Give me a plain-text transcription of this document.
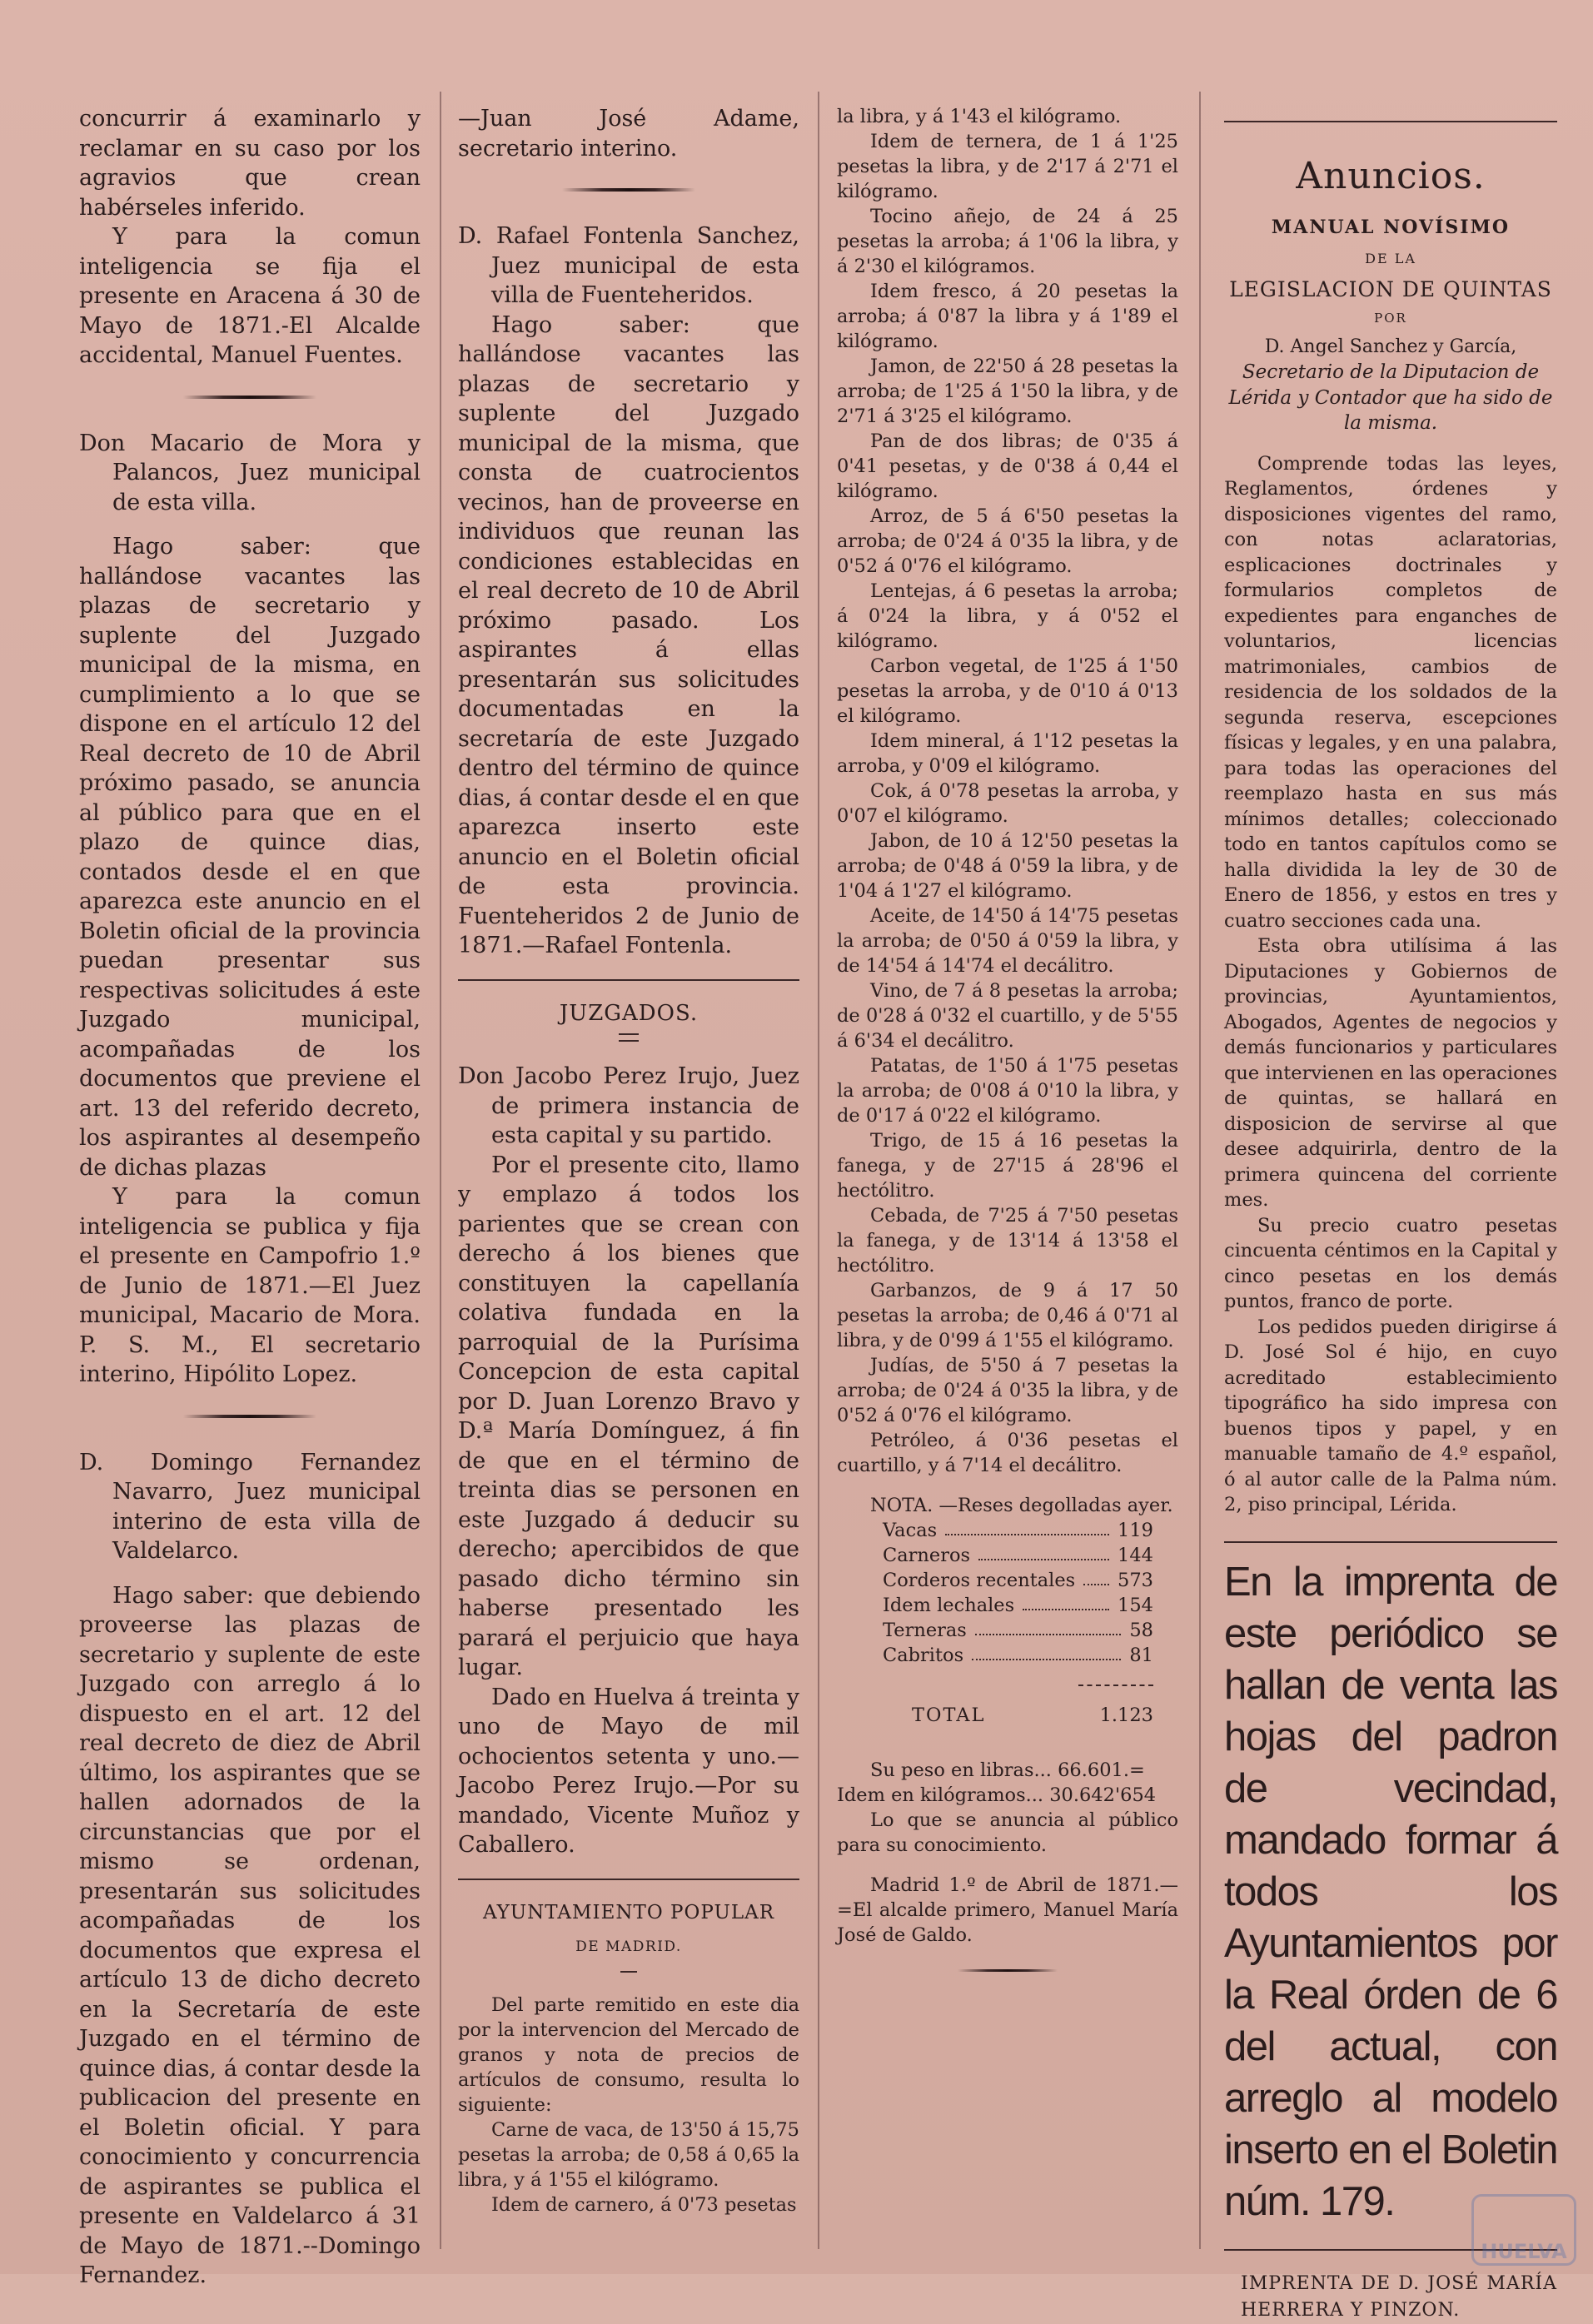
concurrir á examinarlo y reclamar en su caso por los agravios que crean habérseles inferido.

Y para la comun inteligencia se fija el presente en Aracena á 30 de Mayo de 1871.-El Alcalde accidental, Manuel Fuentes.

Don Macario de Mora y Palancos, Juez municipal de esta villa.

Hago saber: que hallándose vacantes las plazas de secretario y suplente del Juzgado municipal de la misma, en cumplimiento a lo que se dispone en el artículo 12 del Real decreto de 10 de Abril próximo pasado, se anuncia al público para que en el plazo de quince dias, contados desde el en que aparezca este anuncio en el Boletin oficial de la provincia puedan presentar sus respectivas solicitudes á este Juzgado municipal, acompañadas de los documentos que previene el art. 13 del referido decreto, los aspirantes al desempeño de dichas plazas

Y para la comun inteligencia se publica y fija el presente en Campofrio 1.º de Junio de 1871.—El Juez municipal, Macario de Mora. P. S. M., El secretario interino, Hipólito Lopez.

D. Domingo Fernandez Navarro, Juez municipal interino de esta villa de Valdelarco.

Hago saber: que debiendo proveerse las plazas de secretario y suplente de este Juzgado con arreglo á lo dispuesto en el art. 12 del real decreto de diez de Abril último, los aspirantes que se hallen adornados de la circunstancias que por el mismo se ordenan, presentarán sus solicitudes acompañadas de los documentos que expresa el artículo 13 de dicho decreto en la Secretaría de este Juzgado en el término de quince dias, á contar desde la publicacion del presente en el Boletin oficial. Y para conocimiento y concurrencia de aspirantes se publica el presente en Valdelarco á 31 de Mayo de 1871.--Domingo Fernandez.

—Juan José Adame, secretario interino.

D. Rafael Fontenla Sanchez, Juez municipal de esta villa de Fuenteheridos.

Hago saber: que hallándose vacantes las plazas de secretario y suplente del Juzgado municipal de la misma, que consta de cuatrocientos vecinos, han de proveerse en individuos que reunan las condiciones establecidas en el real decreto de 10 de Abril próximo pasado. Los aspirantes á ellas presentarán sus solicitudes documentadas en la secretaría de este Juzgado dentro del término de quince dias, á contar desde el en que aparezca inserto este anuncio en el Boletin oficial de esta provincia. Fuenteheridos 2 de Junio de 1871.—Rafael Fontenla.

JUZGADOS.

Don Jacobo Perez Irujo, Juez de primera instancia de esta capital y su partido.

Por el presente cito, llamo y emplazo á todos los parientes que se crean con derecho á los bienes que constituyen la capellanía colativa fundada en la parroquial de la Purísima Concepcion de esta capital por D. Juan Lorenzo Bravo y D.ª María Domínguez, á fin de que en el término de treinta dias se personen en este Juzgado á deducir su derecho; apercibidos de que pasado dicho término sin haberse presentado les parará el perjuicio que haya lugar.

Dado en Huelva á treinta y uno de Mayo de mil ochocientos setenta y uno.—Jacobo Perez Irujo.—Por su mandado, Vicente Muñoz y Caballero.

AYUNTAMIENTO POPULAR

DE MADRID.

Del parte remitido en este dia por la intervencion del Mercado de granos y nota de precios de artículos de consumo, resulta lo siguiente:

Carne de vaca, de 13'50 á 15,75 pesetas la arroba; de 0,58 á 0,65 la libra, y á 1'55 el kilógramo.

Idem de carnero, á 0'73 pesetas

la libra, y á 1'43 el kilógramo.

Idem de ternera, de 1 á 1'25 pesetas la libra, y de 2'17 á 2'71 el kilógramo.

Tocino añejo, de 24 á 25 pesetas la arroba; á 1'06 la libra, y á 2'30 el kilógramos.

Idem fresco, á 20 pesetas la arroba; á 0'87 la libra y á 1'89 el kilógramo.

Jamon, de 22'50 á 28 pesetas la arroba; de 1'25 á 1'50 la libra, y de 2'71 á 3'25 el kilógramo.

Pan de dos libras; de 0'35 á 0'41 pesetas, y de 0'38 á 0,44 el kilógramo.

Arroz, de 5 á 6'50 pesetas la arroba; de 0'24 á 0'35 la libra, y de 0'52 á 0'76 el kilógramo.

Lentejas, á 6 pesetas la arroba; á 0'24 la libra, y á 0'52 el kilógramo.

Carbon vegetal, de 1'25 á 1'50 pesetas la arroba, y de 0'10 á 0'13 el kilógramo.

Idem mineral, á 1'12 pesetas la arroba, y 0'09 el kilógramo.

Cok, á 0'78 pesetas la arroba, y 0'07 el kilógramo.

Jabon, de 10 á 12'50 pesetas la arroba; de 0'48 á 0'59 la libra, y de 1'04 á 1'27 el kilógramo.

Aceite, de 14'50 á 14'75 pesetas la arroba; de 0'50 á 0'59 la libra, y de 14'54 á 14'74 el decálitro.

Vino, de 7 á 8 pesetas la arroba; de 0'28 á 0'32 el cuartillo, y de 5'55 á 6'34 el decálitro.

Patatas, de 1'50 á 1'75 pesetas la arroba; de 0'08 á 0'10 la libra, y de 0'17 á 0'22 el kilógramo.

Trigo, de 15 á 16 pesetas la fanega, y de 27'15 á 28'96 el hectólitro.

Cebada, de 7'25 á 7'50 pesetas la fanega, y de 13'14 á 13'58 el hectólitro.

Garbanzos, de 9 á 17 50 pesetas la arroba; de 0,46 á 0'71 al libra, y de 0'99 á 1'55 el kilógramo.

Judías, de 5'50 á 7 pesetas la arroba; de 0'24 á 0'35 la libra, y de 0'52 á 0'76 el kilógramo.

Petróleo, á 0'36 pesetas el cuartillo, y á 7'14 el decálitro.

NOTA. —Reses degolladas ayer.

Vacas	119
Carneros	144
Corderos recentales 573
Idem lechales	154
Terneras	58
Cabritos	81
TOTAL	1.123

Su peso en libras... 66.601.=

Idem en kilógramos... 30.642'654

Lo que se anuncia al público para su conocimiento.

Madrid 1.º de Abril de 1871.— =El alcalde primero, Manuel María José de Galdo.

Anuncios.

MANUAL NOVÍSIMO

DE LA

LEGISLACION DE QUINTAS

POR

D. Angel Sanchez y García,

Secretario de la Diputacion de Lérida y Contador que ha sido de la misma.

Comprende todas las leyes, Reglamentos, órdenes y disposiciones vigentes del ramo, con notas aclaratorias, esplicaciones doctrinales y formularios completos de expedientes para enganches de voluntarios, licencias matrimoniales, cambios de residencia de los soldados de la segunda reserva, escepciones físicas y legales, y en una palabra, para todas las operaciones del reemplazo hasta en sus más mínimos detalles; coleccionado todo en tantos capítulos como se halla dividida la ley de 30 de Enero de 1856, y estos en tres y cuatro secciones cada una.

Esta obra utilísima á las Diputaciones y Gobiernos de provincias, Ayuntamientos, Abogados, Agentes de negocios y demás funcionarios y particulares que intervienen en las operaciones de quintas, se hallará en disposicion de servirse al que desee adquirirla, dentro de la primera quincena del corriente mes.

Su precio cuatro pesetas cincuenta céntimos en la Capital y cinco pesetas en los demás puntos, franco de porte.

Los pedidos pueden dirigirse á D. José Sol é hijo, en cuyo acreditado establecimiento tipográfico ha sido impresa con buenos tipos y papel, y en manuable tamaño de 4.º español, ó al autor calle de la Palma núm. 2, piso principal, Lérida.

En la imprenta de este periódico se hallan de venta las hojas del padron de vecindad, mandado formar á todos los Ayuntamientos por la Real órden de 6 del actual, con arreglo al modelo inserto en el Boletin núm. 179.

IMPRENTA DE D. JOSÉ MARÍA HERRERA Y PINZON.

HUELVA
